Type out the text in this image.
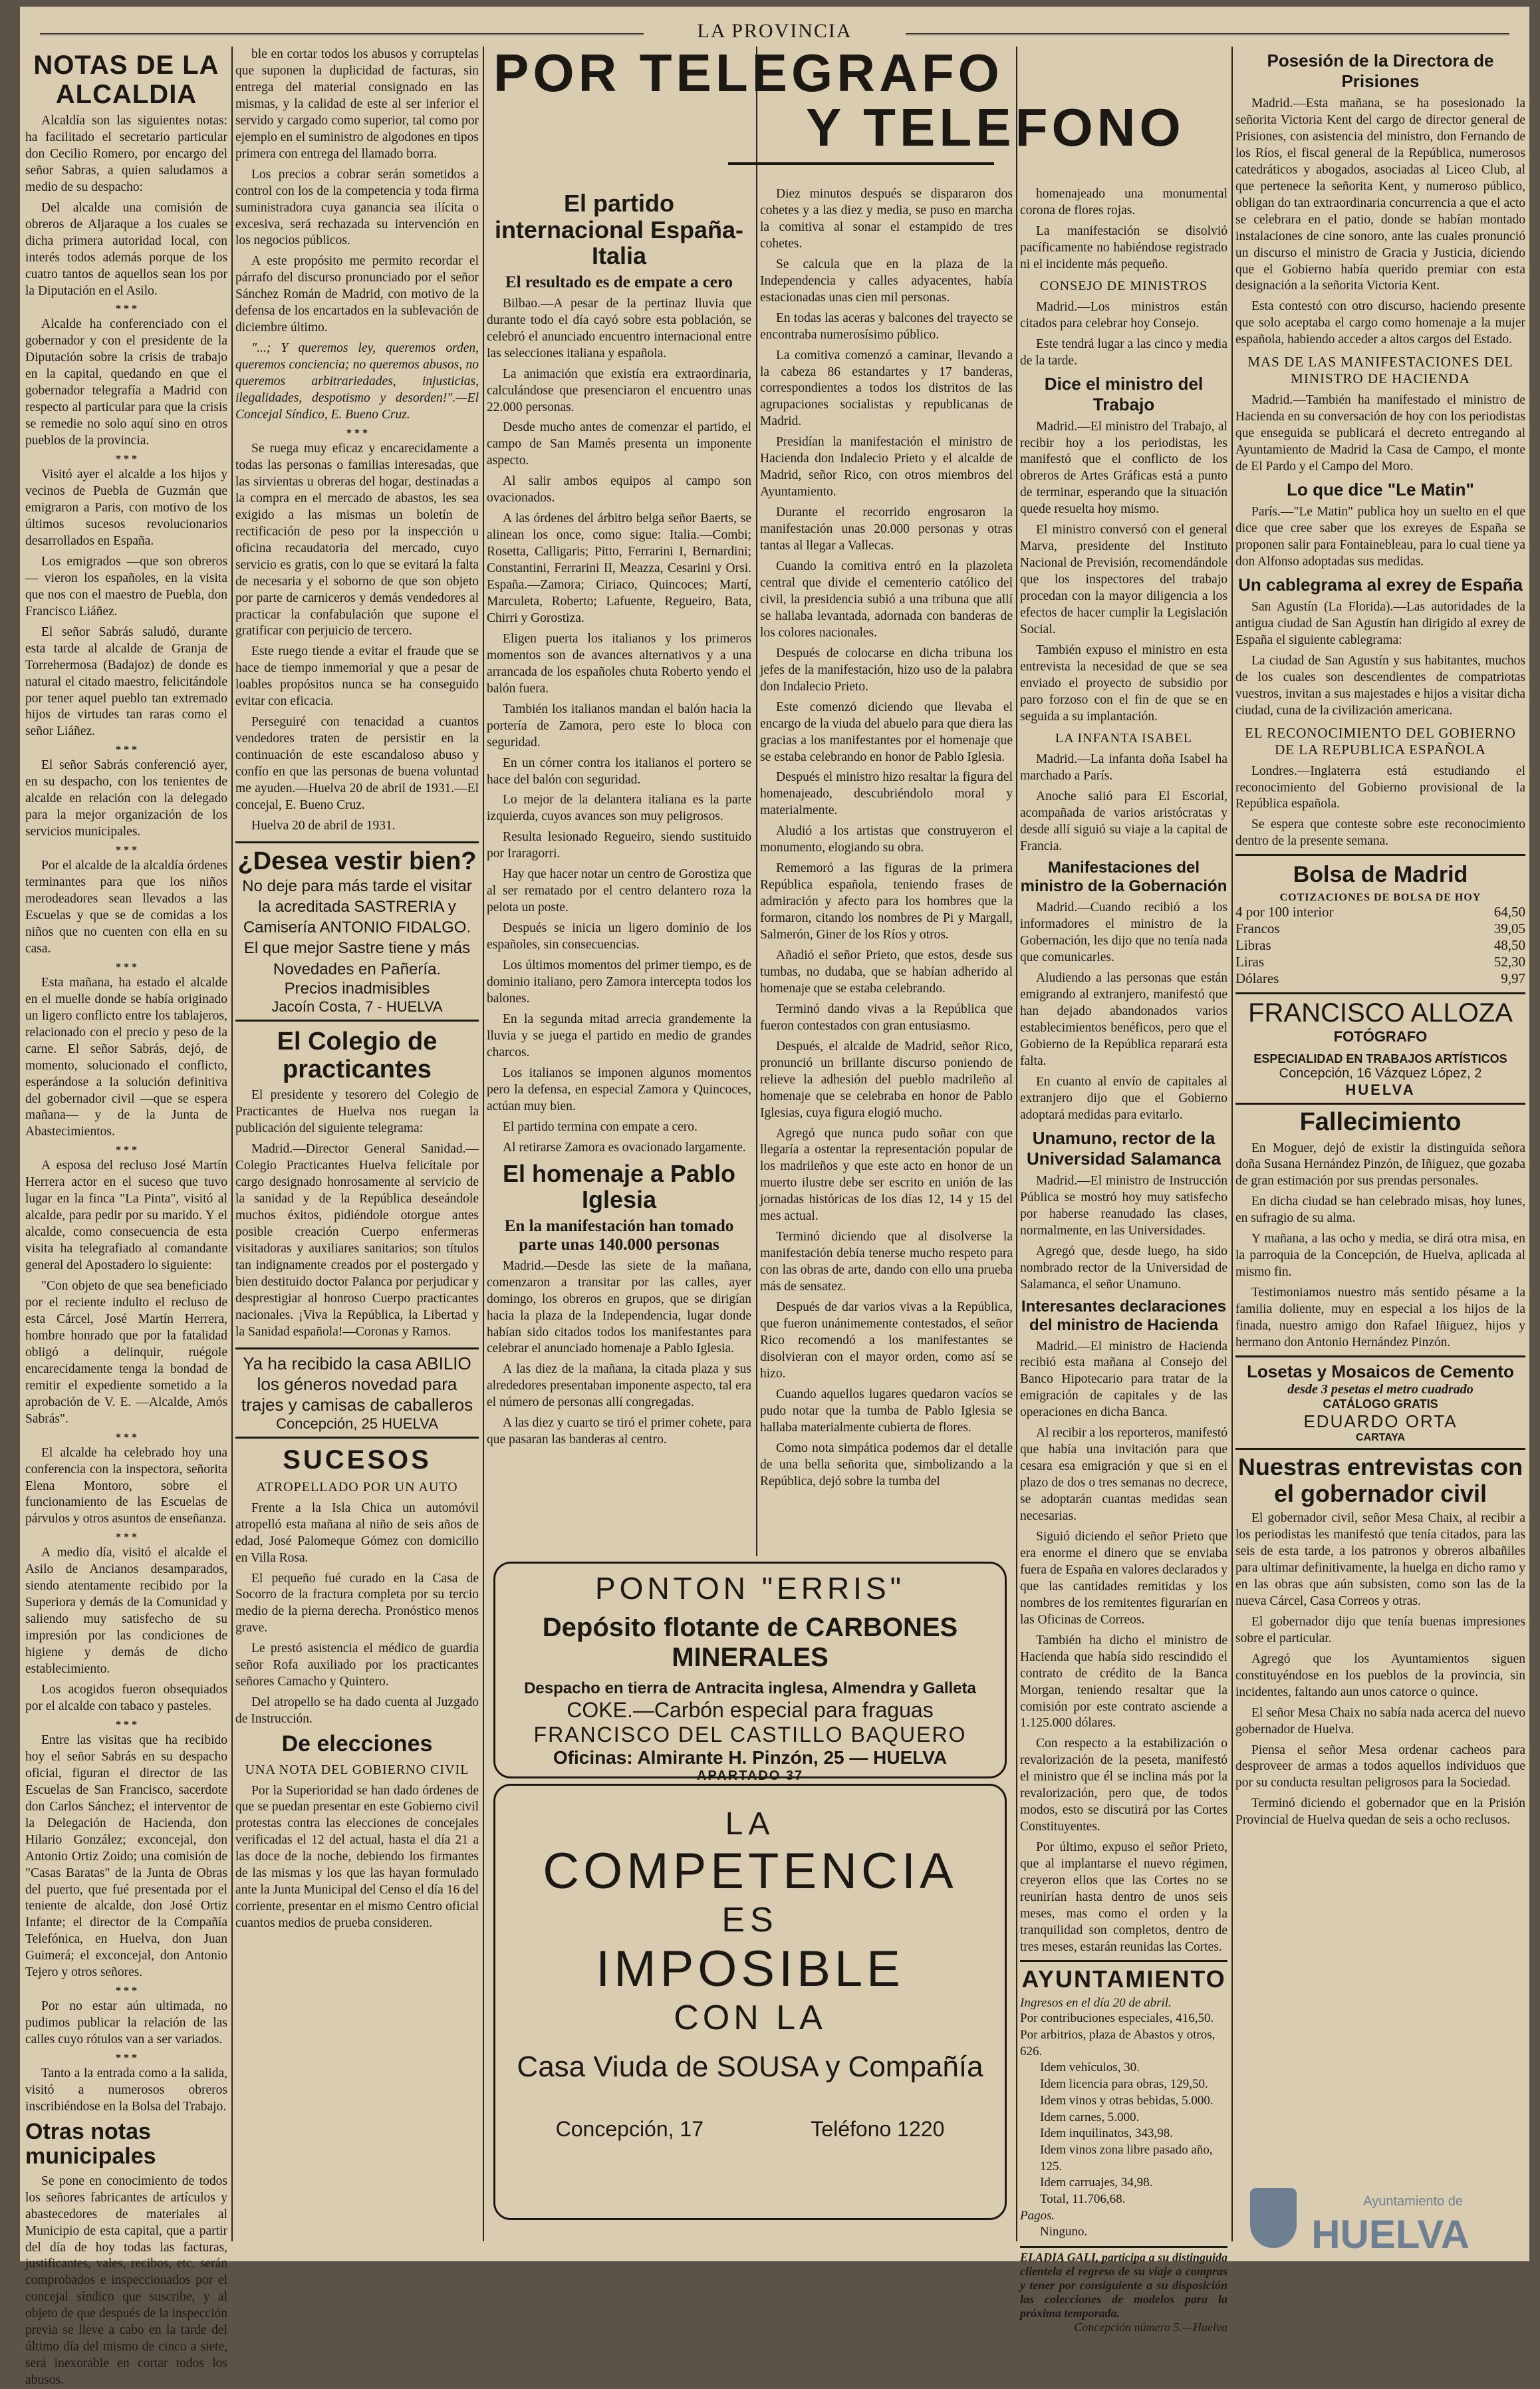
LA PROVINCIA
NOTAS DE LA ALCALDIA

Alcaldía son las siguientes notas: ha facilitado el secretario particular don Cecilio Romero, por encargo del señor Sabras, a quien saludamos a medio de su despacho:

Del alcalde una comisión de obreros de Aljaraque a los cuales se dicha primera autoridad local, con interés todos además porque de los cuatro tantos de aquellos sean los por la Diputación en el Asilo.

* * *

Alcalde ha conferenciado con el gobernador y con el presidente de la Diputación sobre la crisis de trabajo en la capital, quedando en que el gobernador telegrafía a Madrid con respecto al particular para que la crisis se remedie no solo aquí sino en otros pueblos de la provincia.

* * *

Visitó ayer el alcalde a los hijos y vecinos de Puebla de Guzmán que emigraron a Paris, con motivo de los últimos sucesos revolucionarios desarrollados en España.

Los emigrados —que son obreros— vieron los españoles, en la visita que nos con el maestro de Puebla, don Francisco Liáñez.

El señor Sabrás saludó, durante esta tarde al alcalde de Granja de Torrehermosa (Badajoz) de donde es natural el citado maestro, felicitándole por tener aquel pueblo tan extremado hijos de virtudes tan raras como el señor Liáñez.

* * *

El señor Sabrás conferenció ayer, en su despacho, con los tenientes de alcalde en relación con la delegado para la mejor organización de los servicios municipales.

* * *

Por el alcalde de la alcaldía órdenes terminantes para que los niños merodeadores sean llevados a las Escuelas y que se de comidas a los niños que no cuenten con ella en su casa.

* * *

Esta mañana, ha estado el alcalde en el muelle donde se había originado un ligero conflicto entre los tablajeros, relacionado con el precio y peso de la carne. El señor Sabrás, dejó, de momento, solucionado el conflicto, esperándose a la solución definitiva del gobernador civil —que se espera mañana— y de la Junta de Abastecimientos.

* * *

A esposa del recluso José Martín Herrera actor en el suceso que tuvo lugar en la finca "La Pinta", visitó al alcalde, para pedir por su marido. Y el alcalde, como consecuencia de esta visita ha telegrafiado al comandante general del Apostadero lo siguiente:

"Con objeto de que sea beneficiado por el reciente indulto el recluso de esta Cárcel, José Martín Herrera, hombre honrado que por la fatalidad obligó a delinquir, ruégole encarecidamente tenga la bondad de remitir el expediente sometido a la aprobación de V. E. —Alcalde, Amós Sabrás".

* * *

El alcalde ha celebrado hoy una conferencia con la inspectora, señorita Elena Montoro, sobre el funcionamiento de las Escuelas de párvulos y otros asuntos de enseñanza.

* * *

A medio día, visitó el alcalde el Asilo de Ancianos desamparados, siendo atentamente recibido por la Superiora y demás de la Comunidad y saliendo muy satisfecho de su impresión por las condiciones de higiene y demás de dicho establecimiento.

Los acogidos fueron obsequiados por el alcalde con tabaco y pasteles.

* * *

Entre las visitas que ha recibido hoy el señor Sabrás en su despacho oficial, figuran el director de las Escuelas de San Francisco, sacerdote don Carlos Sánchez; el interventor de la Delegación de Hacienda, don Hilario González; exconcejal, don Antonio Ortiz Zoido; una comisión de "Casas Baratas" de la Junta de Obras del puerto, que fué presentada por el teniente de alcalde, don José Ortiz Infante; el director de la Compañía Telefónica, en Huelva, don Juan Guimerá; el exconcejal, don Antonio Tejero y otros señores.

* * *

Por no estar aún ultimada, no pudimos publicar la relación de las calles cuyo rótulos van a ser variados.

* * *

Tanto a la entrada como a la salida, visitó a numerosos obreros inscribiéndose en la Bolsa del Trabajo.

Otras notas municipales

Se pone en conocimiento de todos los señores fabricantes de artículos y abastecedores de materiales al Municipio de esta capital, que a partir del día de hoy todas las facturas, justificantes, vales, recibos, etc. serán comprobados e inspeccionados por el concejal síndico que suscribe, y al objeto de que después de la inspección previa se lleve a cabo en la tarde del último día del mismo de cinco a siete, será inexorable en cortar todos los abusos.

ble en cortar todos los abusos y corruptelas que suponen la duplicidad de facturas, sin entrega del material consignado en las mismas, y la calidad de este al ser inferior el servido y cargado como superior, tal como por ejemplo en el suministro de algodones en tipos primera con entrega del llamado borra.

Los precios a cobrar serán sometidos a control con los de la competencia y toda firma suministradora cuya ganancia sea ilícita o excesiva, será rechazada su intervención en los negocios públicos.

A este propósito me permito recordar el párrafo del discurso pronunciado por el señor Sánchez Román de Madrid, con motivo de la defensa de los encartados en la sublevación de diciembre último.

"...; Y queremos ley, queremos orden, queremos conciencia; no queremos abusos, no queremos arbitrariedades, injusticias, ilegalidades, despotismo y desorden!".—El Concejal Síndico, E. Bueno Cruz.

* * *

Se ruega muy eficaz y encarecidamente a todas las personas o familias interesadas, que las sirvientas u obreras del hogar, destinadas a la compra en el mercado de abastos, les sea exigido a las mismas un boletín de rectificación de peso por la inspección u oficina recaudatoria del mercado, cuyo servicio es gratis, con lo que se evitará la falta de necesaria y el soborno de que son objeto por parte de carniceros y demás vendedores al practicar la confabulación que supone el gratificar con perjuicio de tercero.

Este ruego tiende a evitar el fraude que se hace de tiempo inmemorial y que a pesar de loables propósitos nunca se ha conseguido evitar con eficacia.

Perseguiré con tenacidad a cuantos vendedores traten de persistir en la continuación de este escandaloso abuso y confío en que las personas de buena voluntad me ayuden.—Huelva 20 de abril de 1931.—El concejal, E. Bueno Cruz.

Huelva 20 de abril de 1931.

¿Desea vestir bien?
No deje para más tarde el visitar la acreditada SASTRERIA y Camisería ANTONIO FIDALGO. El que mejor Sastre tiene y más Novedades en Pañería.
Precios inadmisibles
Jacoín Costa, 7 - HUELVA
El Colegio de practicantes

El presidente y tesorero del Colegio de Practicantes de Huelva nos ruegan la publicación del siguiente telegrama:

Madrid.—Director General Sanidad.—Colegio Practicantes Huelva felicítale por cargo designado honrosamente al servicio de la sanidad y de la República deseándole muchos éxitos, pidiéndole otorgue antes posible creación Cuerpo enfermeras visitadoras y auxiliares sanitarios; son títulos tan indignamente creados por el postergado y bien destituido doctor Palanca por perjudicar y desprestigiar al honroso Cuerpo practicantes nacionales. ¡Viva la República, la Libertad y la Sanidad española!—Coronas y Ramos.

Ya ha recibido la casa ABILIO
los géneros novedad para trajes y camisas de caballeros
Concepción, 25 HUELVA
SUCESOS
ATROPELLADO POR UN AUTO

Frente a la Isla Chica un automóvil atropelló esta mañana al niño de seis años de edad, José Palomeque Gómez con domicilio en Villa Rosa.

El pequeño fué curado en la Casa de Socorro de la fractura completa por su tercio medio de la pierna derecha. Pronóstico menos grave.

Le prestó asistencia el médico de guardia señor Rofa auxiliado por los practicantes señores Camacho y Quintero.

Del atropello se ha dado cuenta al Juzgado de Instrucción.

De elecciones
UNA NOTA DEL GOBIERNO CIVIL

Por la Superioridad se han dado órdenes de que se puedan presentar en este Gobierno civil protestas contra las elecciones de concejales verificadas el 12 del actual, hasta el día 21 a las doce de la noche, debiendo los firmantes de las mismas y los que las hayan formulado ante la Junta Municipal del Censo el día 16 del corriente, presentar en el mismo Centro oficial cuantos medios de prueba consideren.

POR TELEGRAFO
Y TELEFONO
El partido internacional España-Italia
El resultado es de empate a cero

Bilbao.—A pesar de la pertinaz lluvia que durante todo el día cayó sobre esta población, se celebró el anunciado encuentro internacional entre las selecciones italiana y española.

La animación que existía era extraordinaria, calculándose que presenciaron el encuentro unas 22.000 personas.

Desde mucho antes de comenzar el partido, el campo de San Mamés presenta un imponente aspecto.

Al salir ambos equipos al campo son ovacionados.

A las órdenes del árbitro belga señor Baerts, se alinean los once, como sigue: Italia.—Combi; Rosetta, Calligaris; Pitto, Ferrarini I, Bernardini; Constantini, Ferrarini II, Meazza, Cesarini y Orsi. España.—Zamora; Ciriaco, Quincoces; Martí, Marculeta, Roberto; Lafuente, Regueiro, Bata, Chirri y Gorostiza.

Eligen puerta los italianos y los primeros momentos son de avances alternativos y a una arrancada de los españoles chuta Roberto yendo el balón fuera.

También los italianos mandan el balón hacia la portería de Zamora, pero este lo bloca con seguridad.

En un córner contra los italianos el portero se hace del balón con seguridad.

Lo mejor de la delantera italiana es la parte izquierda, cuyos avances son muy peligrosos.

Resulta lesionado Regueiro, siendo sustituido por Iraragorri.

Hay que hacer notar un centro de Gorostiza que al ser rematado por el centro delantero roza la pelota un poste.

Después se inicia un ligero dominio de los españoles, sin consecuencias.

Los últimos momentos del primer tiempo, es de dominio italiano, pero Zamora intercepta todos los balones.

En la segunda mitad arrecia grandemente la lluvia y se juega el partido en medio de grandes charcos.

Los italianos se imponen algunos momentos pero la defensa, en especial Zamora y Quincoces, actúan muy bien.

El partido termina con empate a cero.

Al retirarse Zamora es ovacionado largamente.

El homenaje a Pablo Iglesia
En la manifestación han tomado parte unas 140.000 personas

Madrid.—Desde las siete de la mañana, comenzaron a transitar por las calles, ayer domingo, los obreros en grupos, que se dirigían hacia la plaza de la Independencia, lugar donde habían sido citados todos los manifestantes para celebrar el anunciado homenaje a Pablo Iglesia.

A las diez de la mañana, la citada plaza y sus alrededores presentaban imponente aspecto, tal era el número de personas allí congregadas.

A las diez y cuarto se tiró el primer cohete, para que pasaran las banderas al centro.

Diez minutos después se dispararon dos cohetes y a las diez y media, se puso en marcha la comitiva al sonar el estampido de tres cohetes.

Se calcula que en la plaza de la Independencia y calles adyacentes, había estacionadas unas cien mil personas.

En todas las aceras y balcones del trayecto se encontraba numerosísimo público.

La comitiva comenzó a caminar, llevando a la cabeza 86 estandartes y 17 banderas, correspondientes a todos los distritos de las agrupaciones socialistas y republicanas de Madrid.

Presidían la manifestación el ministro de Hacienda don Indalecio Prieto y el alcalde de Madrid, señor Rico, con otros miembros del Ayuntamiento.

Durante el recorrido engrosaron la manifestación unas 20.000 personas y otras tantas al llegar a Vallecas.

Cuando la comitiva entró en la plazoleta central que divide el cementerio católico del civil, la presidencia subió a una tribuna que allí se hallaba levantada, adornada con banderas de los colores nacionales.

Después de colocarse en dicha tribuna los jefes de la manifestación, hizo uso de la palabra don Indalecio Prieto.

Este comenzó diciendo que llevaba el encargo de la viuda del abuelo para que diera las gracias a los manifestantes por el homenaje que se estaba celebrando en honor de Pablo Iglesia.

Después el ministro hizo resaltar la figura del homenajeado, descubriéndolo moral y materialmente.

Aludió a los artistas que construyeron el monumento, elogiando su obra.

Rememoró a las figuras de la primera República española, teniendo frases de admiración y afecto para los hombres que la formaron, citando los nombres de Pi y Margall, Salmerón, Giner de los Ríos y otros.

Añadió el señor Prieto, que estos, desde sus tumbas, no dudaba, que se habían adherido al homenaje que se estaba celebrando.

Terminó dando vivas a la República que fueron contestados con gran entusiasmo.

Después, el alcalde de Madrid, señor Rico, pronunció un brillante discurso poniendo de relieve la adhesión del pueblo madrileño al homenaje que se celebraba en honor de Pablo Iglesias, cuya figura elogió mucho.

Agregó que nunca pudo soñar con que llegaría a ostentar la representación popular de los madrileños y que este acto en honor de un muerto ilustre debe ser escrito en unión de las jornadas históricas de los días 12, 14 y 15 del mes actual.

Terminó diciendo que al disolverse la manifestación debía tenerse mucho respeto para con las obras de arte, dando con ello una prueba más de sensatez.

Después de dar varios vivas a la República, que fueron unánimemente contestados, el señor Rico recomendó a los manifestantes se disolvieran con el mayor orden, como así se hizo.

Cuando aquellos lugares quedaron vacíos se pudo notar que la tumba de Pablo Iglesia se hallaba materialmente cubierta de flores.

Como nota simpática podemos dar el detalle de una bella señorita que, simbolizando a la República, dejó sobre la tumba del

PONTON "ERRIS"
Depósito flotante de CARBONES MINERALES
Despacho en tierra de Antracita inglesa, Almendra y Galleta
COKE.—Carbón especial para fraguas
FRANCISCO DEL CASTILLO BAQUERO
Oficinas: Almirante H. Pinzón, 25 — HUELVA
APARTADO 37
LA
COMPETENCIA
ES
IMPOSIBLE
CON LA
Casa Viuda de SOUSA y Compañía
Concepción, 17	Teléfono 1220

homenajeado una monumental corona de flores rojas.

La manifestación se disolvió pacíficamente no habiéndose registrado ni el incidente más pequeño.

CONSEJO DE MINISTROS

Madrid.—Los ministros están citados para celebrar hoy Consejo.

Este tendrá lugar a las cinco y media de la tarde.

Dice el ministro del Trabajo

Madrid.—El ministro del Trabajo, al recibir hoy a los periodistas, les manifestó que el conflicto de los obreros de Artes Gráficas está a punto de terminar, esperando que la situación quede resuelta hoy mismo.

El ministro conversó con el general Marva, presidente del Instituto Nacional de Previsión, recomendándole que los inspectores del trabajo procedan con la mayor diligencia a los efectos de hacer cumplir la Legislación Social.

También expuso el ministro en esta entrevista la necesidad de que se sea enviado el proyecto de subsidio por paro forzoso con el fin de que se en seguida a su implantación.

LA INFANTA ISABEL

Madrid.—La infanta doña Isabel ha marchado a París.

Anoche salió para El Escorial, acompañada de varios aristócratas y desde allí siguió su viaje a la capital de Francia.

Manifestaciones del ministro de la Gobernación

Madrid.—Cuando recibió a los informadores el ministro de la Gobernación, les dijo que no tenía nada que comunicarles.

Aludiendo a las personas que están emigrando al extranjero, manifestó que han dejado abandonados varios establecimientos benéficos, pero que el Gobierno de la República reparará esta falta.

En cuanto al envío de capitales al extranjero dijo que el Gobierno adoptará medidas para evitarlo.

Unamuno, rector de la Universidad Salamanca

Madrid.—El ministro de Instrucción Pública se mostró hoy muy satisfecho por haberse reanudado las clases, normalmente, en las Universidades.

Agregó que, desde luego, ha sido nombrado rector de la Universidad de Salamanca, el señor Unamuno.

Interesantes declaraciones del ministro de Hacienda

Madrid.—El ministro de Hacienda recibió esta mañana al Consejo del Banco Hipotecario para tratar de la emigración de capitales y de las operaciones en dicha Banca.

Al recibir a los reporteros, manifestó que había una invitación para que cesara esa emigración y que si en el plazo de dos o tres semanas no decrece, se adoptarán cuantas medidas sean necesarias.

Siguió diciendo el señor Prieto que era enorme el dinero que se enviaba fuera de España en valores declarados y que las cantidades remitidas y los nombres de los remitentes figurarían en las Oficinas de Correos.

También ha dicho el ministro de Hacienda que había sido rescindido el contrato de crédito de la Banca Morgan, teniendo resaltar que la comisión por este contrato asciende a 1.125.000 dólares.

Con respecto a la estabilización o revalorización de la peseta, manifestó el ministro que él se inclina más por la revalorización, pero que, de todos modos, esto se discutirá por las Cortes Constituyentes.

Por último, expuso el señor Prieto, que al implantarse el nuevo régimen, creyeron ellos que las Cortes no se reunirían hasta dentro de unos seis meses, mas como el orden y la tranquilidad son completos, dentro de tres meses, estarán reunidas las Cortes.

AYUNTAMIENTO
Ingresos en el día 20 de abril.
Por contribuciones especiales, 416,50.
Por arbitrios, plaza de Abastos y otros, 626.
Idem vehículos, 30.
Idem licencia para obras, 129,50.
Idem vinos y otras bebidas, 5.000.
Idem carnes, 5.000.
Idem inquilinatos, 343,98.
Idem vinos zona libre pasado año, 125.
Idem carruajes, 34,98.
Total, 11.706,68.
Pagos.
Ninguno.
ELADIA GALI, participa a su distinguida clientela el regreso de su viaje a compras y tener por consiguiente a su disposición las colecciones de modelos para la próxima temporada.
Concepción número 5.—Huelva
Posesión de la Directora de Prisiones

Madrid.—Esta mañana, se ha posesionado la señorita Victoria Kent del cargo de director general de Prisiones, con asistencia del ministro, don Fernando de los Ríos, el fiscal general de la República, numerosos catedráticos y abogados, asociadas al Liceo Club, al que pertenece la señorita Kent, y numeroso público, obligan do tan extraordinaria concurrencia a que el acto se celebrara en el patio, donde se habían montado instalaciones de cine sonoro, ante las cuales pronunció un discurso el ministro de Gracia y Justicia, diciendo que el Gobierno había querido premiar con esta designación a la señorita Victoria Kent.

Esta contestó con otro discurso, haciendo presente que solo aceptaba el cargo como homenaje a la mujer española, habiendo acceder a altos cargos del Estado.

MAS DE LAS MANIFESTACIONES DEL MINISTRO DE HACIENDA

Madrid.—También ha manifestado el ministro de Hacienda en su conversación de hoy con los periodistas que enseguida se publicará el decreto entregando al Ayuntamiento de Madrid la Casa de Campo, el monte de El Pardo y el Campo del Moro.

Lo que dice "Le Matin"

París.—"Le Matin" publica hoy un suelto en el que dice que cree saber que los exreyes de España se proponen salir para Fontainebleau, para lo cual tiene ya don Alfonso adoptadas sus medidas.

Un cablegrama al exrey de España

San Agustín (La Florida).—Las autoridades de la antigua ciudad de San Agustín han dirigido al exrey de España el siguiente cablegrama:

La ciudad de San Agustín y sus habitantes, muchos de los cuales son descendientes de compatriotas vuestros, invitan a sus majestades e hijos a visitar dicha ciudad, cuna de la civilización americana.

EL RECONOCIMIENTO DEL GOBIERNO DE LA REPUBLICA ESPAÑOLA

Londres.—Inglaterra está estudiando el reconocimiento del Gobierno provisional de la República española.

Se espera que conteste sobre este reconocimiento dentro de la presente semana.

Bolsa de Madrid
COTIZACIONES DE BOLSA DE HOY
4 por 100 interior	64,50
Francos	39,05
Libras	48,50
Liras	52,30
Dólares	9,97
FRANCISCO ALLOZA
FOTÓGRAFO
ESPECIALIDAD EN TRABAJOS ARTÍSTICOS
Concepción, 16 Vázquez López, 2
HUELVA
Fallecimiento

En Moguer, dejó de existir la distinguida señora doña Susana Hernández Pinzón, de Iñiguez, que gozaba de gran estimación por sus prendas personales.

En dicha ciudad se han celebrado misas, hoy lunes, en sufragio de su alma.

Y mañana, a las ocho y media, se dirá otra misa, en la parroquia de la Concepción, de Huelva, aplicada al mismo fin.

Testimoniamos nuestro más sentido pésame a la familia doliente, muy en especial a los hijos de la finada, nuestro amigo don Rafael Iñiguez, hijos y hermano don Antonio Hernández Pinzón.

Losetas y Mosaicos de Cemento
desde 3 pesetas el metro cuadrado
CATÁLOGO GRATIS
EDUARDO ORTA
CARTAYA
Nuestras entrevistas con el gobernador civil

El gobernador civil, señor Mesa Chaix, al recibir a los periodistas les manifestó que tenía citados, para las seis de esta tarde, a los patronos y obreros albañiles para ultimar definitivamente, la huelga en dicho ramo y en las obras que aún subsisten, como son las de la nueva Cárcel, Casa Correos y otras.

El gobernador dijo que tenía buenas impresiones sobre el particular.

Agregó que los Ayuntamientos siguen constituyéndose en los pueblos de la provincia, sin incidentes, faltando aun unos catorce o quince.

El señor Mesa Chaix no sabía nada acerca del nuevo gobernador de Huelva.

Piensa el señor Mesa ordenar cacheos para desproveer de armas a todos aquellos individuos que por su conducta resultan peligrosos para la Sociedad.

Terminó diciendo el gobernador que en la Prisión Provincial de Huelva quedan de seis a ocho reclusos.

Ayuntamiento de
HUELVA
